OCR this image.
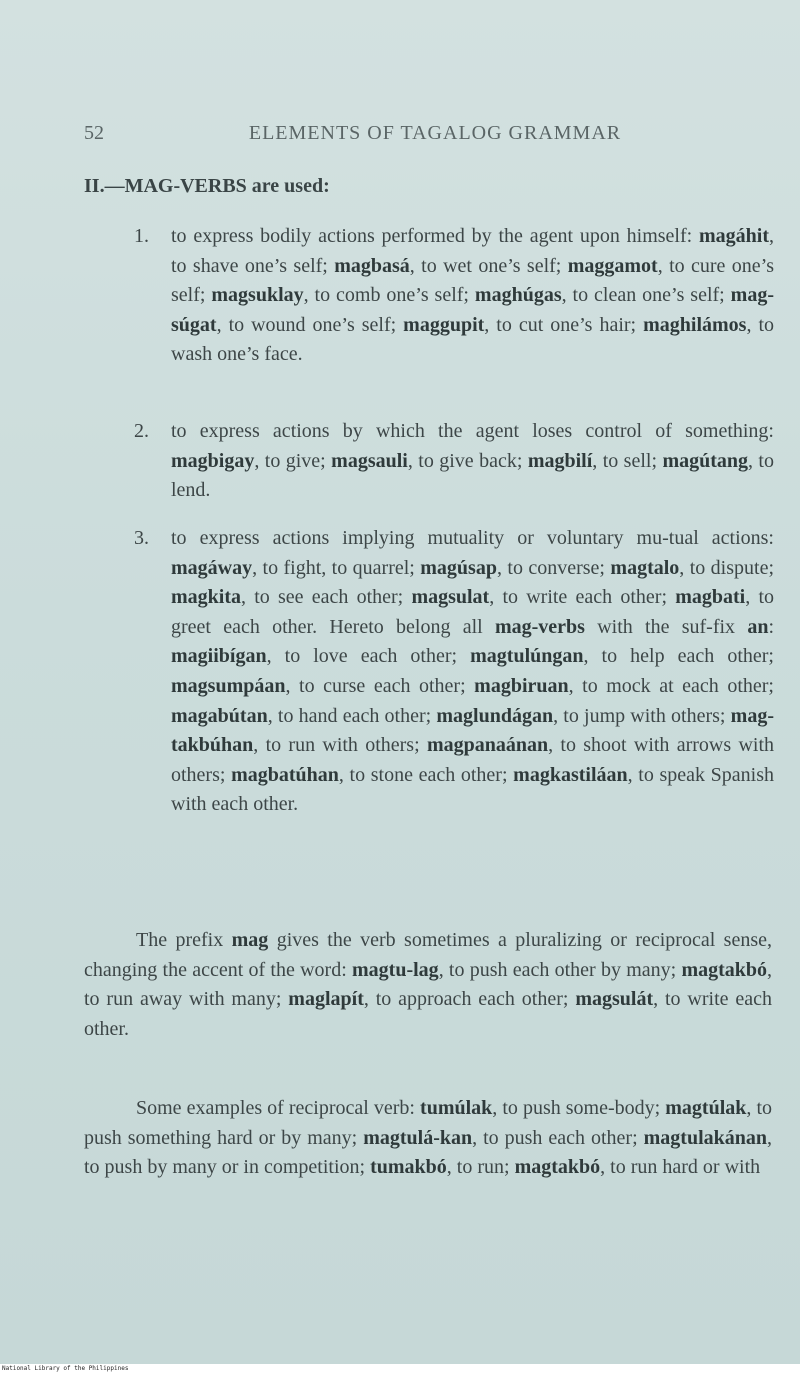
52	ELEMENTS OF TAGALOG GRAMMAR
II.—MAG-VERBS are used:
1. to express bodily actions performed by the agent upon himself: magáhit, to shave one’s self; magbasá, to wet one’s self; maggamot, to cure one’s self; magsuklay, to comb one’s self; maghúgas, to clean one’s self; mag-súgat, to wound one’s self; maggupit, to cut one’s hair; maghilámos, to wash one’s face.
2. to express actions by which the agent loses control of something: magbigay, to give; magsauli, to give back; magbilí, to sell; magútang, to lend.
3. to express actions implying mutuality or voluntary mu-tual actions: magáway, to fight, to quarrel; magúsap, to converse; magtalo, to dispute; magkita, to see each other; magsulat, to write each other; magbati, to greet each other. Hereto belong all mag-verbs with the suf-fix an: magiibígan, to love each other; magtulúngan, to help each other; magsumpáan, to curse each other; magbiruan, to mock at each other; magabútan, to hand each other; maglundágan, to jump with others; mag-takbúhan, to run with others; magpanaánan, to shoot with arrows with others; magbatúhan, to stone each other; magkastiláan, to speak Spanish with each other.
The prefix mag gives the verb sometimes a pluralizing or reciprocal sense, changing the accent of the word: magtu-lag, to push each other by many; magtakbó, to run away with many; maglapít, to approach each other; magsulát, to write each other.
Some examples of reciprocal verb: tumúlak, to push some-body; magtúlak, to push something hard or by many; magtulá-kan, to push each other; magtulakánan, to push by many or in competition; tumakbó, to run; magtakbó, to run hard or with
National Library of the Philippines
